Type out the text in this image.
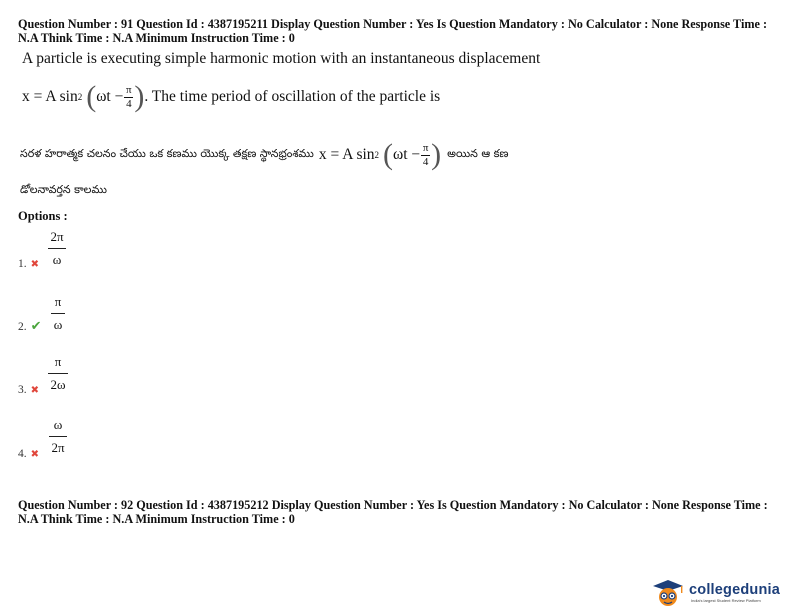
Question Number : 91 Question Id : 4387195211 Display Question Number : Yes Is Question Mandatory : No Calculator : None Response Time :
N.A Think Time : N.A Minimum Instruction Time : 0
A particle is executing simple harmonic motion with an instantaneous displacement
x = A sin 2 ( $\omega t - \frac{\pi}{4}$ ) . The time period of oscillation of the particle is
సరళ హరాత్మక చలనం చేయు ఒక కణము యొక్క తక్షణ స్థానభ్రంశము x = A sin 2 ( $\omega t - \frac{\pi}{4}$ ) అయిన ఆ కణ
డోలనావర్తన కాలము
Options :
2π
ω
1. ✖
π
ω
2. ✔
π
2ω
3. ✖
ω
2π
4. ✖
Question Number : 92 Question Id : 4387195212 Display Question Number : Yes Is Question Mandatory : No Calculator : None Response Time :
N.A Think Time : N.A Minimum Instruction Time : 0
collegedunia
India's largest Student Review Platform
